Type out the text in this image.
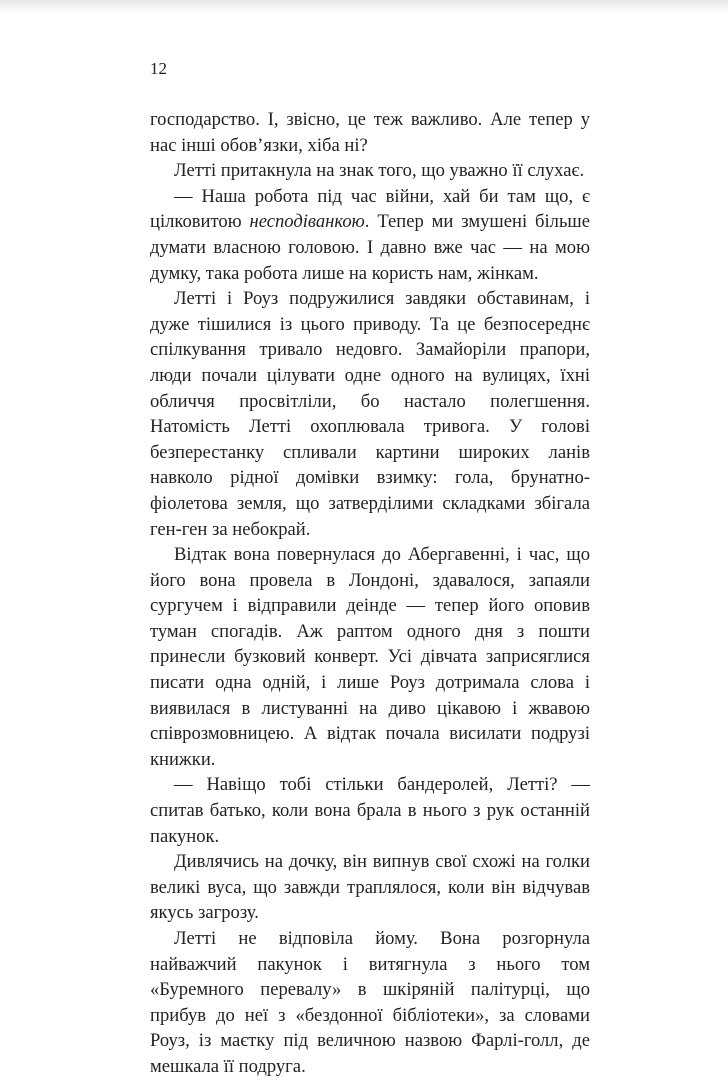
12

господарство. І, звісно, це теж важливо. Але тепер у нас інші обов’язки, хіба ні?

Летті притакнула на знак того, що уважно її слухає.

— Наша робота під час війни, хай би там що, є цілковитою несподіванкою. Тепер ми змушені більше думати власною головою. І давно вже час — на мою думку, така робота лише на користь нам, жінкам.

Летті і Роуз подружилися завдяки обставинам, і дуже тішилися із цього приводу. Та це безпосереднє спілкування тривало недовго. Замайоріли прапори, люди почали цілувати одне одного на вулицях, їхні обличчя просвітліли, бо настало полегшення. Натомість Летті охоплювала тривога. У голові безперестанку спливали картини широких ланів навколо рідної домівки взимку: гола, брунатно-фіолетова земля, що затверділими складками збігала ген-ген за небокрай.

Відтак вона повернулася до Абергавенні, і час, що його вона провела в Лондоні, здавалося, запаяли сургучем і відправили деінде — тепер його оповив туман спогадів. Аж раптом одного дня з пошти принесли бузковий конверт. Усі дівчата заприсяглися писати одна одній, і лише Роуз дотримала слова і виявилася в листуванні на диво цікавою і жвавою співрозмовницею. А відтак почала висилати подрузі книжки.

— Навіщо тобі стільки бандеролей, Летті? — спитав батько, коли вона брала в нього з рук останній пакунок.

Дивлячись на дочку, він випнув свої схожі на голки великі вуса, що завжди траплялося, коли він відчував якусь загрозу.

Летті не відповіла йому. Вона розгорнула найважчий пакунок і витягнула з нього том «Буремного перевалу» в шкіряній палітурці, що прибув до неї з «бездонної бібліотеки», за словами Роуз, із маєтку під величною назвою Фарлі-голл, де мешкала її подруга.
